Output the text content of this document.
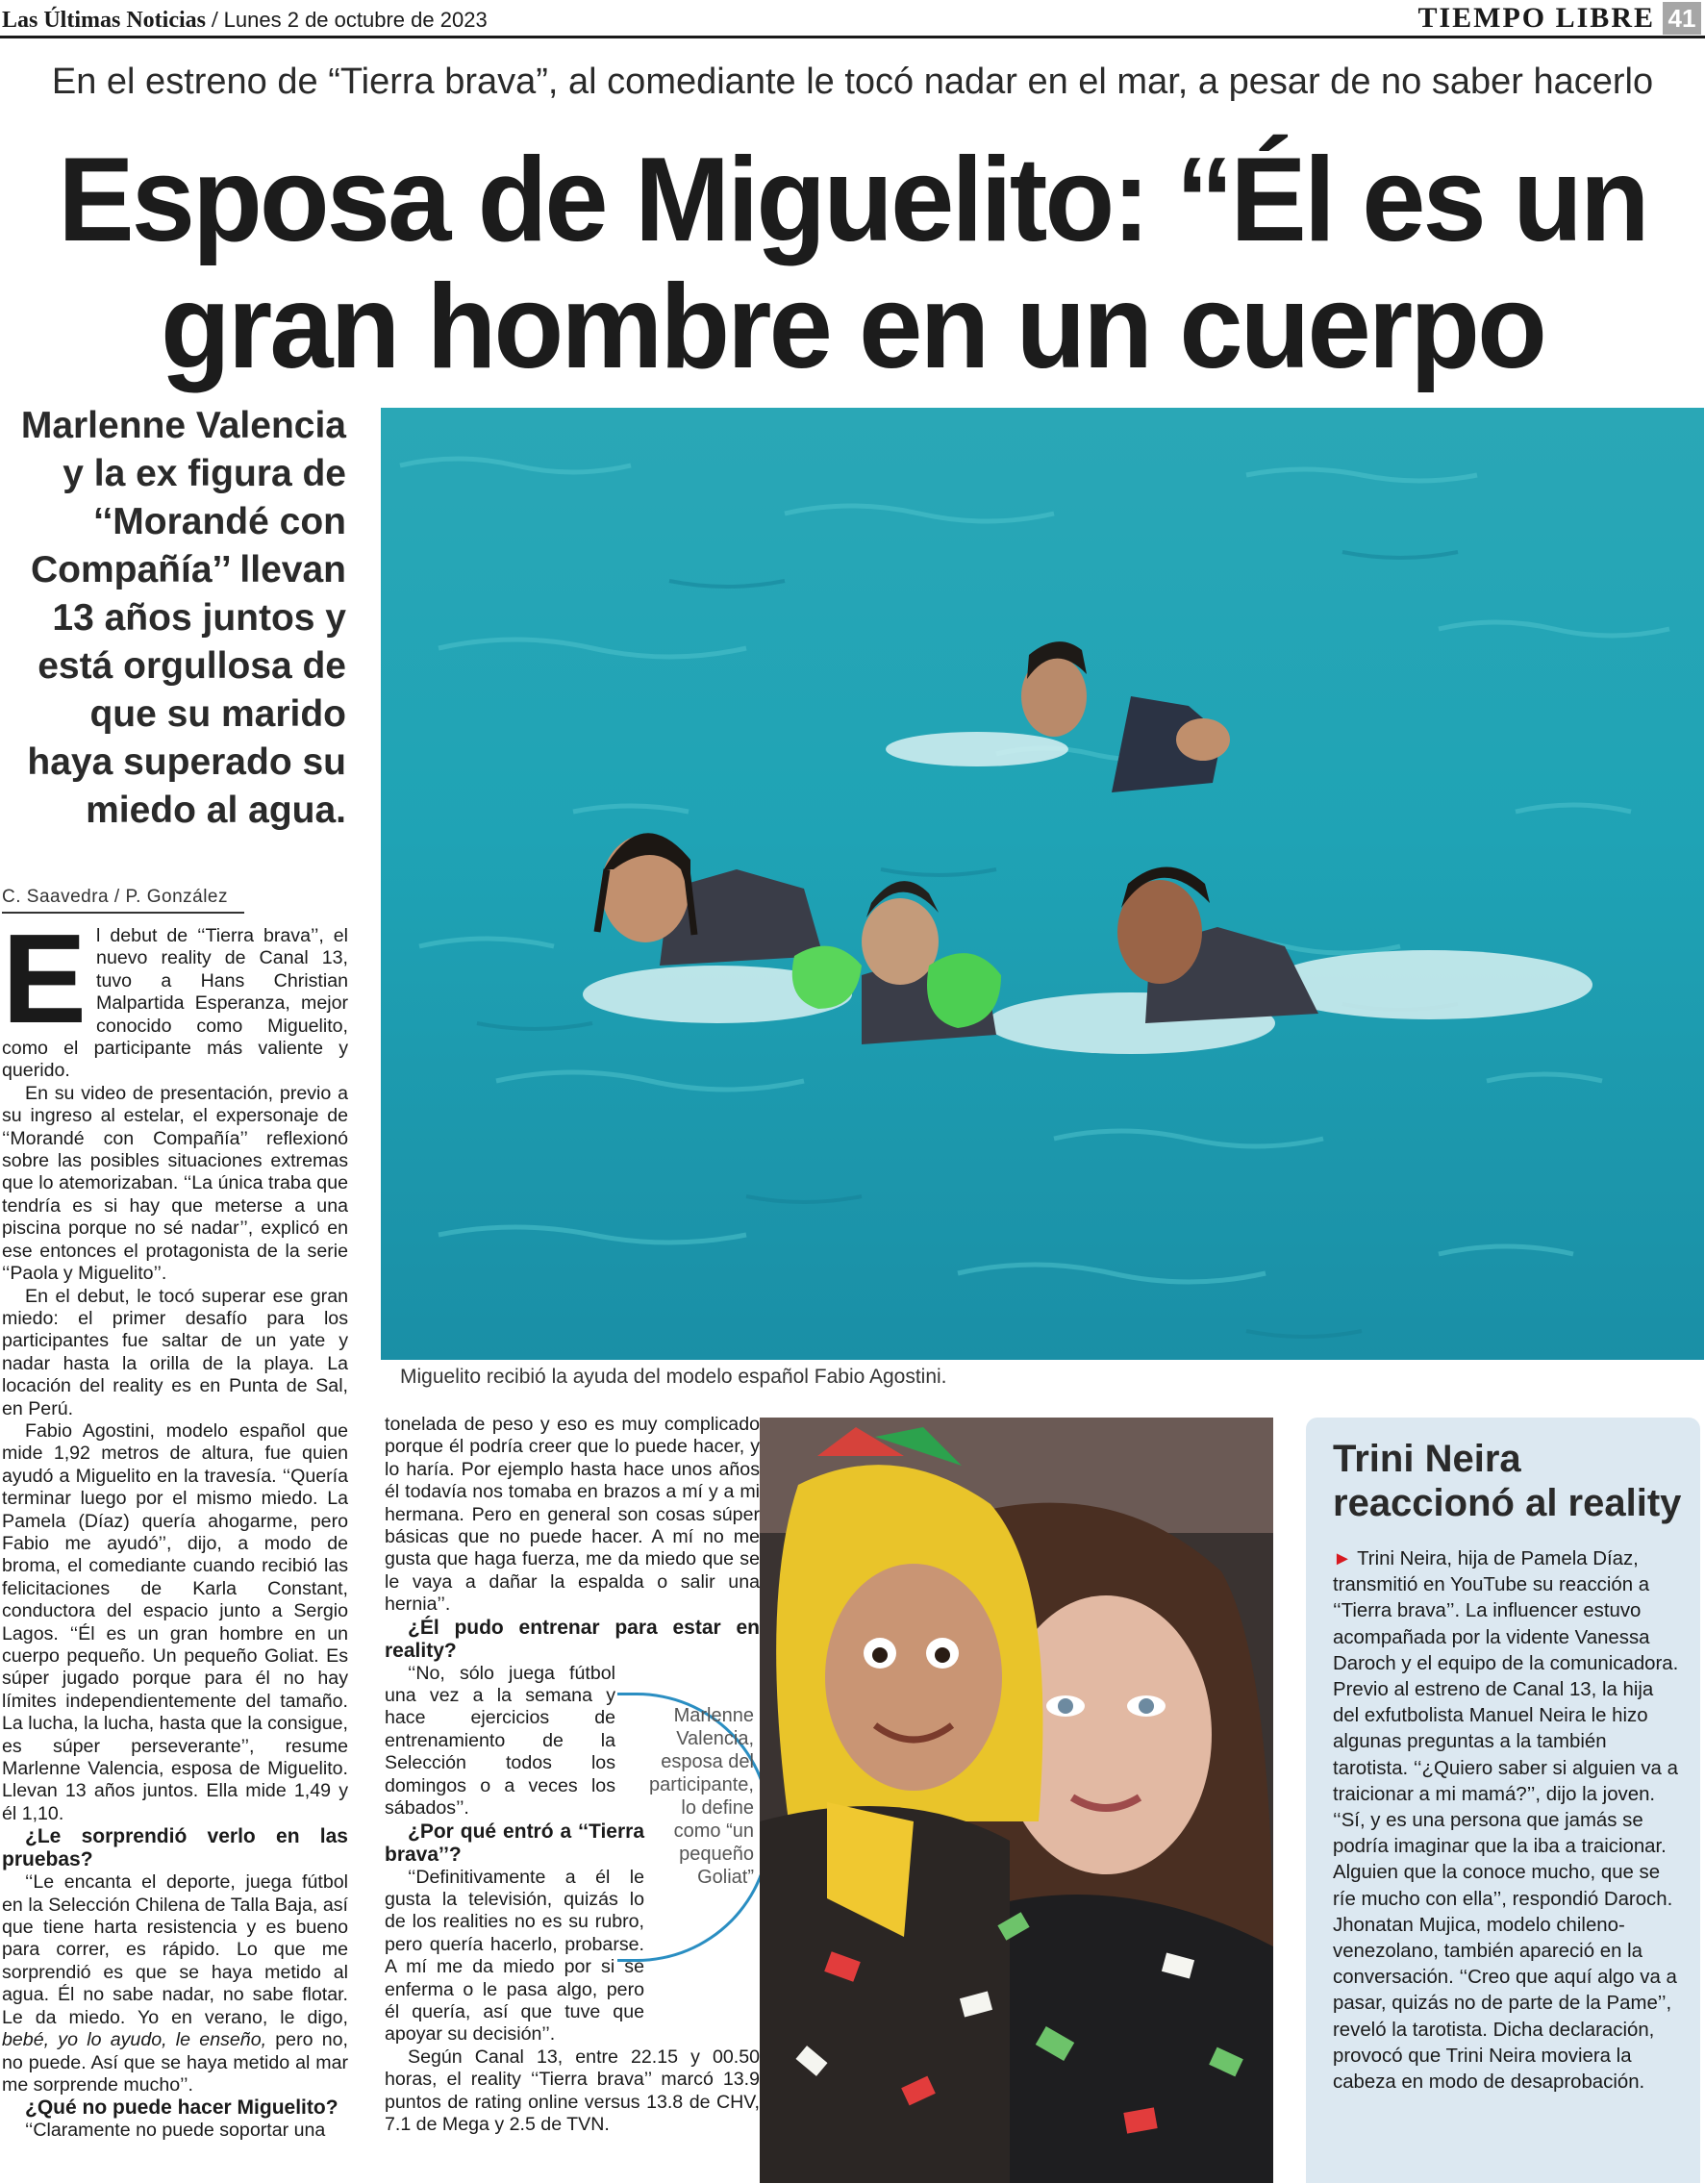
Las Últimas Noticias / Lunes 2 de octubre de 2023	TIEMPO LIBRE 41
En el estreno de “Tierra brava”, al comediante le tocó nadar en el mar, a pesar de no saber hacerlo
Esposa de Miguelito: ‘‘Él es un gran hombre en un cuerpo
Marlenne Valencia y la ex figura de ‘‘Morandé con Compañía’’ llevan 13 años juntos y está orgullosa de que su marido haya superado su miedo al agua.
Miguelito recibió la ayuda del modelo español Fabio Agostini.
C. Saavedra / P. González
E l debut de ‘‘Tierra brava’’, el nuevo reality de Canal 13, tuvo a Hans Christian Malpartida Esperanza, mejor conocido como Miguelito, como el participante más valiente y querido.

En su video de presentación, previo a su ingreso al estelar, el expersonaje de ‘‘Morandé con Compañía’’ reflexionó sobre las posibles situaciones extremas que lo atemorizaban. ‘‘La única traba que tendría es si hay que meterse a una piscina porque no sé nadar’’, explicó en ese entonces el protagonista de la serie ‘‘Paola y Miguelito’’.

En el debut, le tocó superar ese gran miedo: el primer desafío para los participantes fue saltar de un yate y nadar hasta la orilla de la playa. La locación del reality es en Punta de Sal, en Perú.

Fabio Agostini, modelo español que mide 1,92 metros de altura, fue quien ayudó a Miguelito en la travesía. ‘‘Quería terminar luego por el mismo miedo. La Pamela (Díaz) quería ahogarme, pero Fabio me ayudó’’, dijo, a modo de broma, el comediante cuando recibió las felicitaciones de Karla Constant, conductora del espacio junto a Sergio Lagos. ‘‘Él es un gran hombre en un cuerpo pequeño. Un pequeño Goliat. Es súper jugado porque para él no hay límites independientemente del tamaño. La lucha, la lucha, hasta que la consigue, es súper perseverante’’, resume Marlenne Valencia, esposa de Miguelito. Llevan 13 años juntos. Ella mide 1,49 y él 1,10.

¿Le sorprendió verlo en las pruebas?

‘‘Le encanta el deporte, juega fútbol en la Selección Chilena de Talla Baja, así que tiene harta resistencia y es bueno para correr, es rápido. Lo que me sorprendió es que se haya metido al agua. Él no sabe nadar, no sabe flotar. Le da miedo. Yo en verano, le digo, bebé, yo lo ayudo, le enseño, pero no, no puede. Así que se haya metido al mar me sorprende mucho’’.

¿Qué no puede hacer Miguelito?

‘‘Claramente no puede soportar una

tonelada de peso y eso es muy complicado porque él podría creer que lo puede hacer, y lo haría. Por ejemplo hasta hace unos años él todavía nos tomaba en brazos a mí y a mi hermana. Pero en general son cosas súper básicas que no puede hacer. A mí no me gusta que haga fuerza, me da miedo que se le vaya a dañar la espalda o salir una hernia’’.

¿Él pudo entrenar para estar en reality?

‘‘No, sólo juega fútbol una vez a la semana y hace ejercicios de entrenamiento de la Selección todos los domingos o a veces los sábados’’.

¿Por qué entró a ‘‘Tierra brava’’?

‘‘Definitivamente a él le gusta la televisión, quizás lo de los realities no es su rubro, pero quería hacerlo, probarse. A mí me da miedo por si se enferma o le pasa algo, pero él quería, así que tuve que apoyar su decisión’’.

Según Canal 13, entre 22.15 y 00.50 horas, el reality ‘‘Tierra brava’’ marcó 13.9 puntos de rating online versus 13.8 de CHV, 7.1 de Mega y 2.5 de TVN.

Marlenne Valencia, esposa del participante, lo define como “un pequeño Goliat”
Trini Neira reaccionó al reality

► Trini Neira, hija de Pamela Díaz, transmitió en YouTube su reacción a ‘‘Tierra brava’’. La influencer estuvo acompañada por la vidente Vanessa Daroch y el equipo de la comunicadora. Previo al estreno de Canal 13, la hija del exfutbolista Manuel Neira le hizo algunas preguntas a la también tarotista. ‘‘¿Quiero saber si alguien va a traicionar a mi mamá?’’, dijo la joven. ‘‘Sí, y es una persona que jamás se podría imaginar que la iba a traicionar. Alguien que la conoce mucho, que se ríe mucho con ella’’, respondió Daroch. Jhonatan Mujica, modelo chileno-venezolano, también apareció en la conversación. ‘‘Creo que aquí algo va a pasar, quizás no de parte de la Pame’’, reveló la tarotista. Dicha declaración, provocó que Trini Neira moviera la cabeza en modo de desaprobación.
